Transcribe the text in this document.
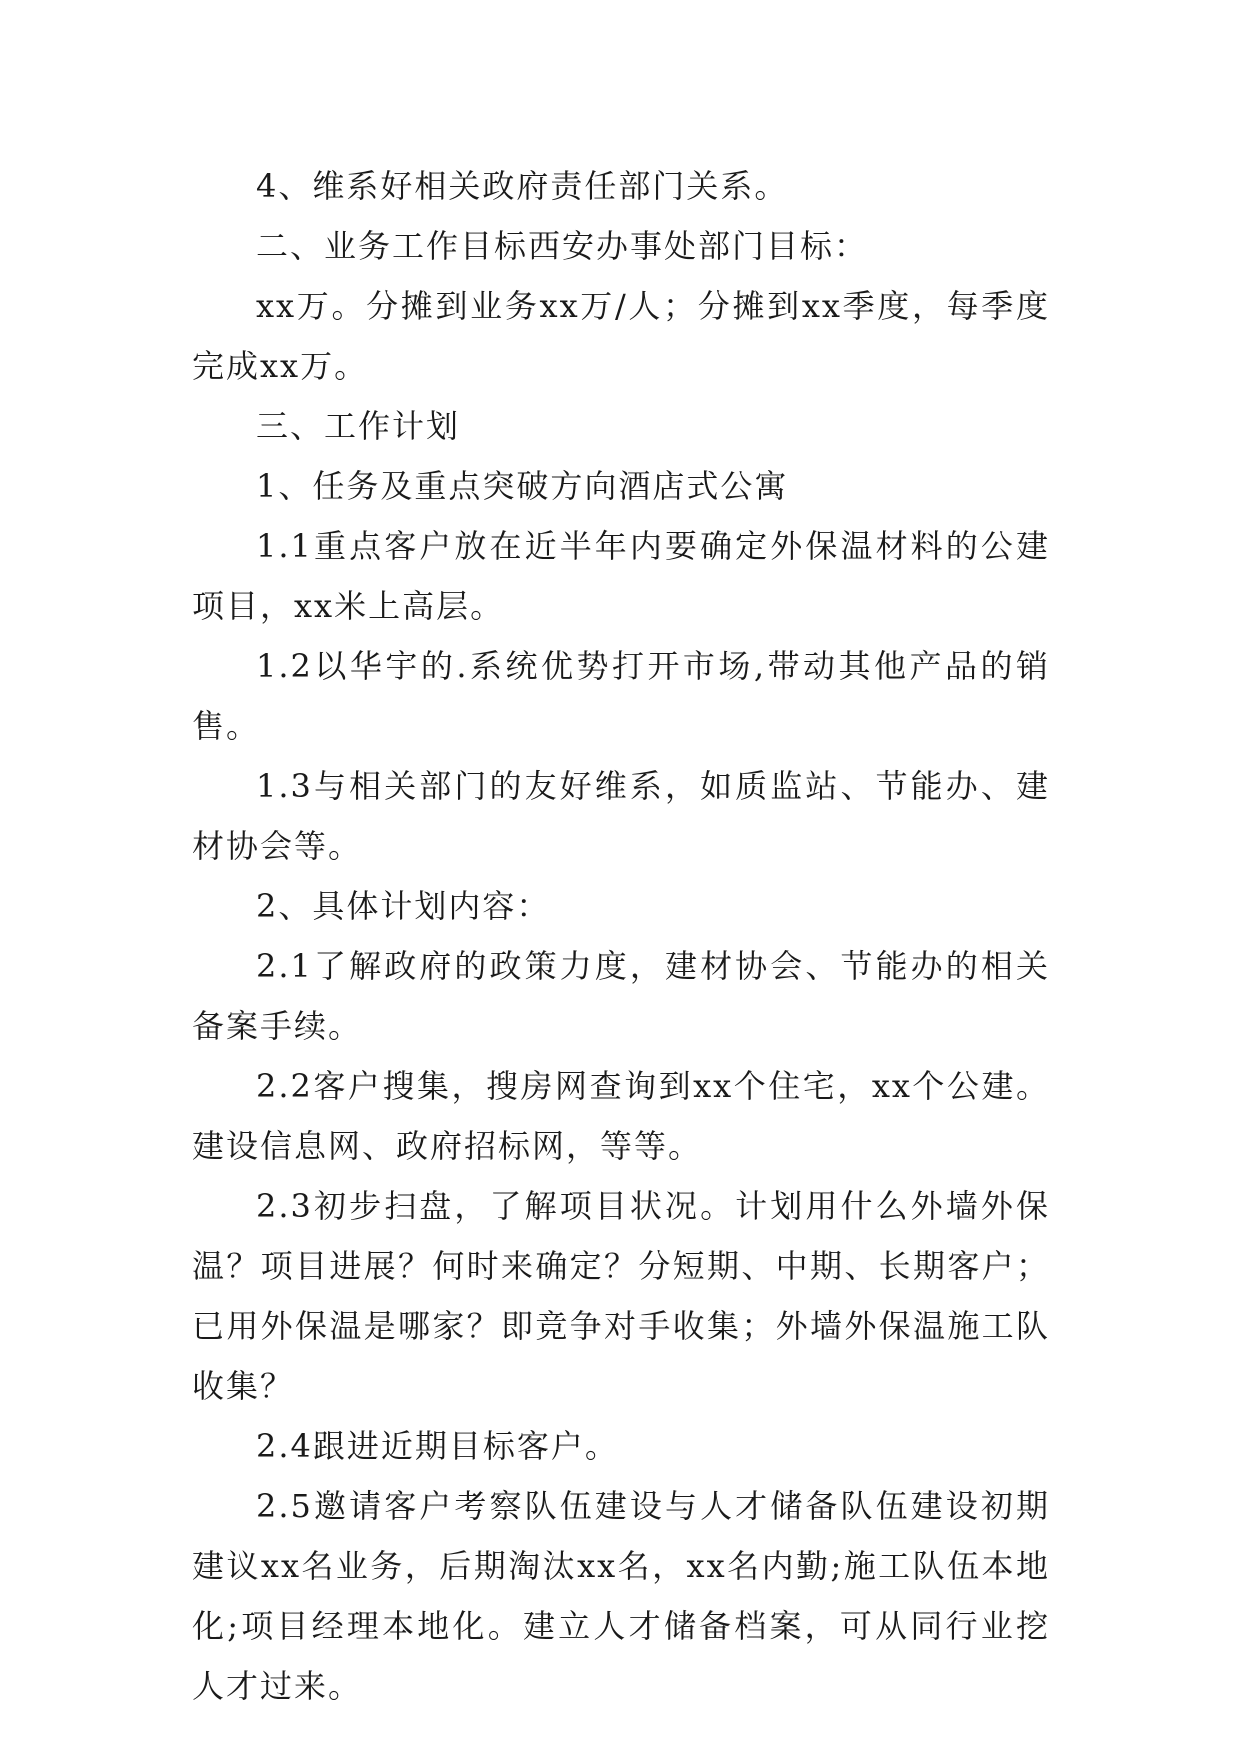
4、维系好相关政府责任部门关系。

二、业务工作目标西安办事处部门目标：

xx万。分摊到业务xx万/人；分摊到xx季度，每季度完成xx万。

三、工作计划

1、任务及重点突破方向酒店式公寓

1.1重点客户放在近半年内要确定外保温材料的公建项目，xx米上高层。

1.2以华宇的.系统优势打开市场,带动其他产品的销售。

1.3与相关部门的友好维系，如质监站、节能办、建材协会等。

2、具体计划内容：

2.1了解政府的政策力度，建材协会、节能办的相关备案手续。

2.2客户搜集，搜房网查询到xx个住宅，xx个公建。建设信息网、政府招标网，等等。

2.3初步扫盘，了解项目状况。计划用什么外墙外保温？项目进展？何时来确定？分短期、中期、长期客户；已用外保温是哪家？即竞争对手收集；外墙外保温施工队收集？

2.4跟进近期目标客户。

2.5邀请客户考察队伍建设与人才储备队伍建设初期建议xx名业务，后期淘汰xx名，xx名内勤;施工队伍本地化;项目经理本地化。建立人才储备档案，可从同行业挖人才过来。
